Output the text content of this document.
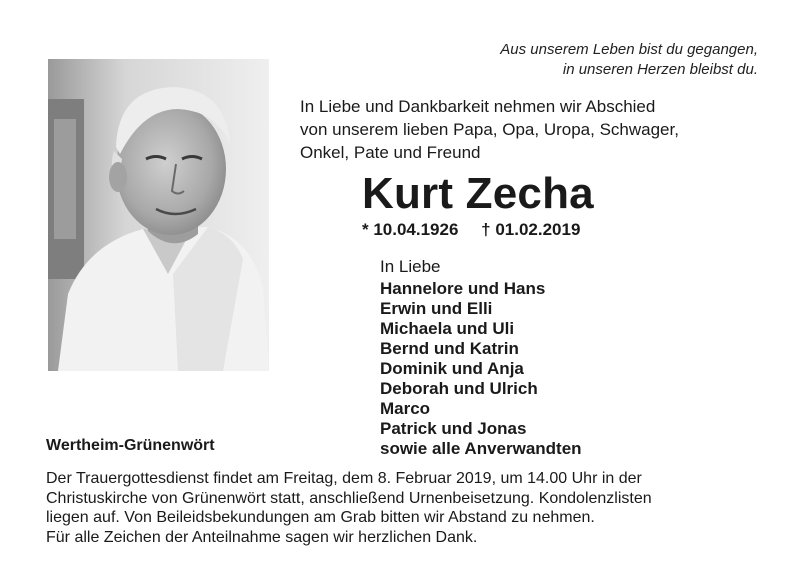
Aus unserem Leben bist du gegangen,
in unseren Herzen bleibst du.
In Liebe und Dankbarkeit nehmen wir Abschied
von unserem lieben Papa, Opa, Uropa, Schwager,
Onkel, Pate und Freund
Kurt Zecha
* 10.04.1926 † 01.02.2019
In Liebe
Hannelore und Hans
Erwin und Elli
Michaela und Uli
Bernd und Katrin
Dominik und Anja
Deborah und Ulrich
Marco
Patrick und Jonas
sowie alle Anverwandten
Wertheim-Grünenwört
Der Trauergottesdienst findet am Freitag, dem 8. Februar 2019, um 14.00 Uhr in der
Christuskirche von Grünenwört statt, anschließend Urnenbeisetzung. Kondolenzlisten
liegen auf. Von Beileidsbekundungen am Grab bitten wir Abstand zu nehmen.
Für alle Zeichen der Anteilnahme sagen wir herzlichen Dank.
